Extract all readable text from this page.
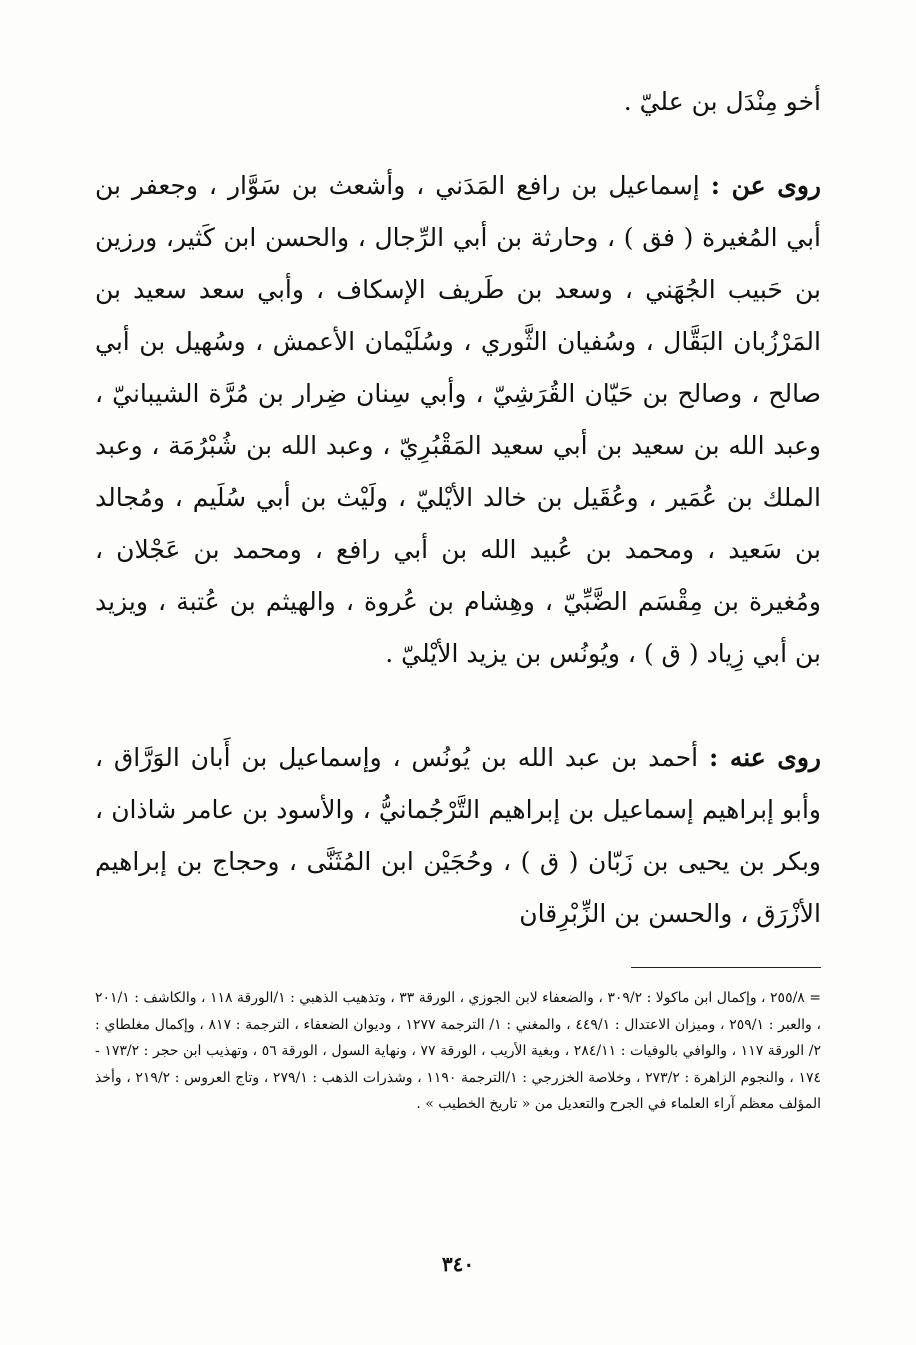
أخو مِنْدَل بن عليّ .

روى عن : إسماعيل بن رافع المَدَني ، وأشعث بن سَوَّار ، وجعفر بن أبي المُغيرة ( فق ) ، وحارثة بن أبي الرِّجال ، والحسن ابن كَثير، ورزين بن حَبيب الجُهَني ، وسعد بن طَريف الإسكاف ، وأبي سعد سعيد بن المَرْزُبان البَقَّال ، وسُفيان الثَّوري ، وسُلَيْمان الأعمش ، وسُهيل بن أبي صالح ، وصالح بن حَيّان القُرَشِيّ ، وأبي سِنان ضِرار بن مُرَّة الشيبانيّ ، وعبد الله بن سعيد بن أبي سعيد المَقْبُرِيّ ، وعبد الله بن شُبْرُمَة ، وعبد الملك بن عُمَير ، وعُقَيل بن خالد الأيْليّ ، ولَيْث بن أبي سُلَيم ، ومُجالد بن سَعيد ، ومحمد بن عُبيد الله بن أبي رافع ، ومحمد بن عَجْلان ، ومُغيرة بن مِقْسَم الضَّبِّيّ ، وهِشام بن عُروة ، والهيثم بن عُتبة ، ويزيد بن أبي زِياد ( ق ) ، ويُونُس بن يزيد الأيْليّ .

روى عنه : أحمد بن عبد الله بن يُونُس ، وإسماعيل بن أَبان الوَرَّاق ، وأبو إبراهيم إسماعيل بن إبراهيم التَّرْجُمانيُّ ، والأسود بن عامر شاذان ، وبكر بن يحيى بن زَبّان ( ق ) ، وحُجَيْن ابن المُثَنَّى ، وحجاج بن إبراهيم الأزْرَق ، والحسن بن الزِّبْرِقان

= ٢٥٥/٨ ، وإكمال ابن ماكولا : ٣٠٩/٢ ، والضعفاء لابن الجوزي ، الورقة ٣٣ ، وتذهيب الذهبي : ١/الورقة ١١٨ ، والكاشف : ٢٠١/١ ، والعبر : ٢٥٩/١ ، وميزان الاعتدال : ٤٤٩/١ ، والمغني : ١/ الترجمة ١٢٧٧ ، وديوان الضعفاء ، الترجمة : ٨١٧ ، وإكمال مغلطاي : ٢/ الورقة ١١٧ ، والوافي بالوفيات : ٢٨٤/١١ ، وبغية الأريب ، الورقة ٧٧ ، ونهاية السول ، الورقة ٥٦ ، وتهذيب ابن حجر : ١٧٣/٢ - ١٧٤ ، والنجوم الزاهرة : ٢٧٣/٢ ، وخلاصة الخزرجي : ١/الترجمة ١١٩٠ ، وشذرات الذهب : ٢٧٩/١ ، وتاج العروس : ٢١٩/٢ ، وأخذ المؤلف معظم آراء العلماء في الجرح والتعديل من « تاريخ الخطيب » .

٣٤٠
